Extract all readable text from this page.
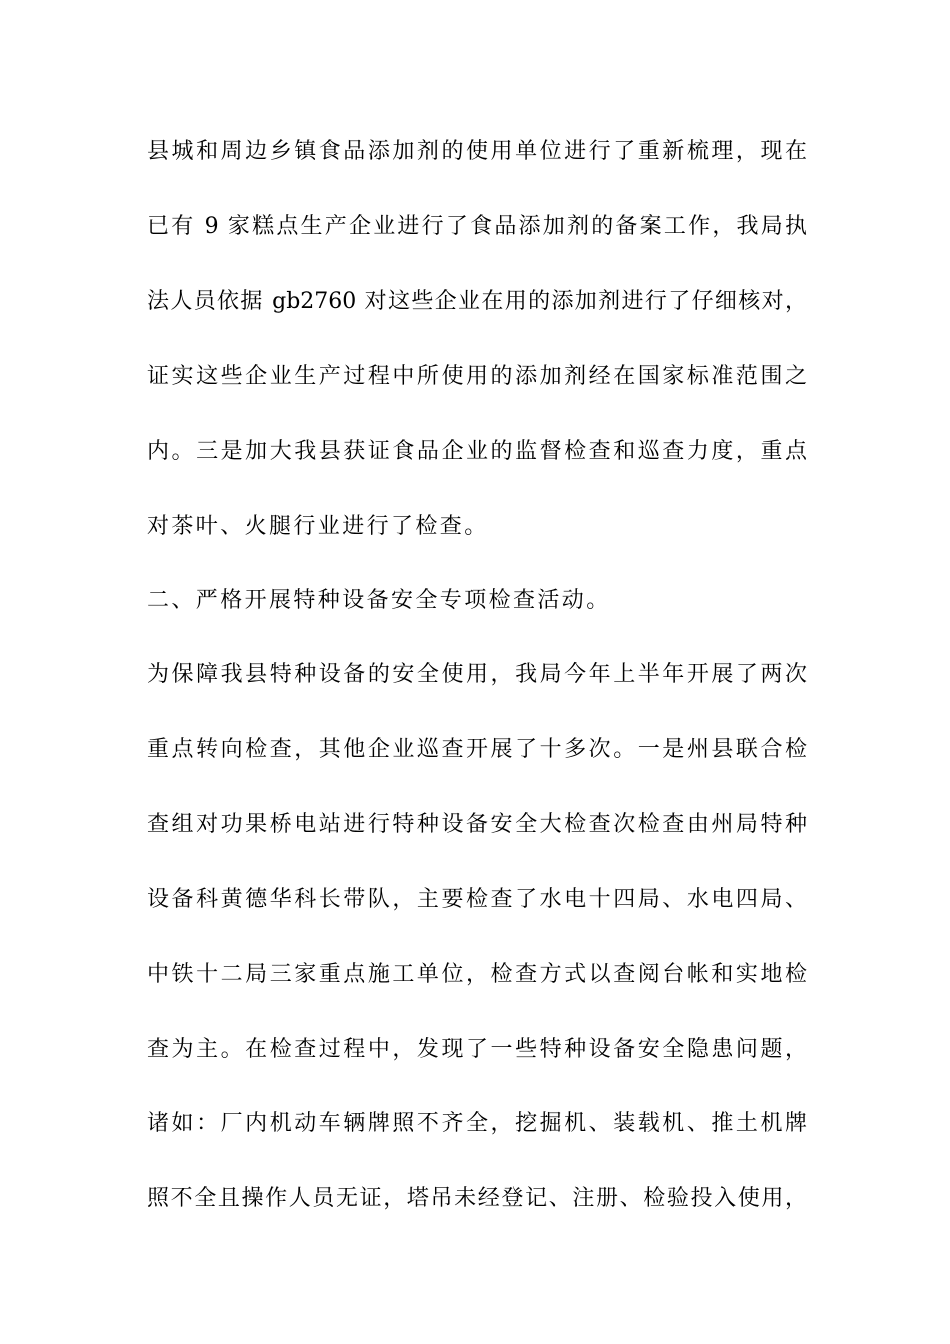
县城和周边乡镇食品添加剂的使用单位进行了重新梳理，现在
已有 9 家糕点生产企业进行了食品添加剂的备案工作，我局执
法人员依据 gb2760 对这些企业在用的添加剂进行了仔细核对，
证实这些企业生产过程中所使用的添加剂经在国家标准范围之
内。三是加大我县获证食品企业的监督检查和巡查力度，重点
对茶叶、火腿行业进行了检查。
二、严格开展特种设备安全专项检查活动。
为保障我县特种设备的安全使用，我局今年上半年开展了两次
重点转向检查，其他企业巡查开展了十多次。一是州县联合检
查组对功果桥电站进行特种设备安全大检查次检查由州局特种
设备科黄德华科长带队，主要检查了水电十四局、水电四局、
中铁十二局三家重点施工单位，检查方式以查阅台帐和实地检
查为主。在检查过程中，发现了一些特种设备安全隐患问题，
诸如：厂内机动车辆牌照不齐全，挖掘机、装载机、推土机牌
照不全且操作人员无证，塔吊未经登记、注册、检验投入使用，
